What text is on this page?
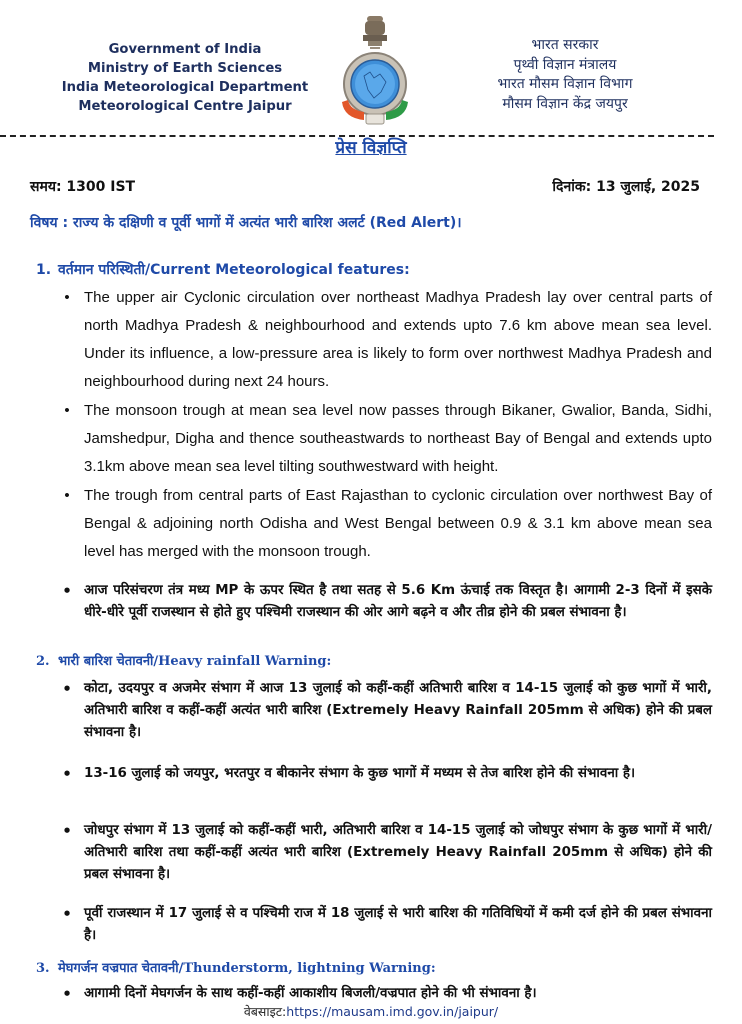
Government of India
Ministry of Earth Sciences
India Meteorological Department
Meteorological Centre Jaipur
भारत सरकार
पृथ्वी विज्ञान मंत्रालय
भारत मौसम विज्ञान विभाग
मौसम विज्ञान केंद्र जयपुर
प्रेस विज्ञप्ति
समय: 1300 IST	दिनांक: 13 जुलाई, 2025
विषय : राज्य के दक्षिणी व पूर्वी भागों में अत्यंत भारी बारिश अलर्ट (Red Alert)।
1. वर्तमान परिस्थिती/Current Meteorological features:
• The upper air Cyclonic circulation over northeast Madhya Pradesh lay over central parts of north Madhya Pradesh & neighbourhood and extends upto 7.6 km above mean sea level. Under its influence, a low-pressure area is likely to form over northwest Madhya Pradesh and neighbourhood during next 24 hours.
• The monsoon trough at mean sea level now passes through Bikaner, Gwalior, Banda, Sidhi, Jamshedpur, Digha and thence southeastwards to northeast Bay of Bengal and extends upto 3.1km above mean sea level tilting southwestward with height.
• The trough from central parts of East Rajasthan to cyclonic circulation over northwest Bay of Bengal & adjoining north Odisha and West Bengal between 0.9 & 3.1 km above mean sea level has merged with the monsoon trough.
• आज परिसंचरण तंत्र मध्य MP के ऊपर स्थित है तथा सतह से 5.6 Km ऊंचाई तक विस्तृत है। आगामी 2-3 दिनों में इसके धीरे-धीरे पूर्वी राजस्थान से होते हुए पश्चिमी राजस्थान की ओर आगे बढ़ने व और तीव्र होने की प्रबल संभावना है।
2. भारी बारिश चेतावनी/Heavy rainfall Warning:
• कोटा, उदयपुर व अजमेर संभाग में आज 13 जुलाई को कहीं-कहीं अतिभारी बारिश व 14-15 जुलाई को कुछ भागों में भारी, अतिभारी बारिश व कहीं-कहीं अत्यंत भारी बारिश (Extremely Heavy Rainfall 205mm से अधिक) होने की प्रबल संभावना है।
• 13-16 जुलाई को जयपुर, भरतपुर व बीकानेर संभाग के कुछ भागों में मध्यम से तेज बारिश होने की संभावना है।
• जोधपुर संभाग में 13 जुलाई को कहीं-कहीं भारी, अतिभारी बारिश व 14-15 जुलाई को जोधपुर संभाग के कुछ भागों में भारी/अतिभारी बारिश तथा कहीं-कहीं अत्यंत भारी बारिश (Extremely Heavy Rainfall 205mm से अधिक) होने की प्रबल संभावना है।
• पूर्वी राजस्थान में 17 जुलाई से व पश्चिमी राज में 18 जुलाई से भारी बारिश की गतिविधियों में कमी दर्ज होने की प्रबल संभावना है।
3. मेघगर्जन वज्रपात चेतावनी/Thunderstorm, lightning Warning:
• आगामी दिनों मेघगर्जन के साथ कहीं-कहीं आकाशीय बिजली/वज्रपात होने की भी संभावना है।
वेबसाइट:https://mausam.imd.gov.in/jaipur/
